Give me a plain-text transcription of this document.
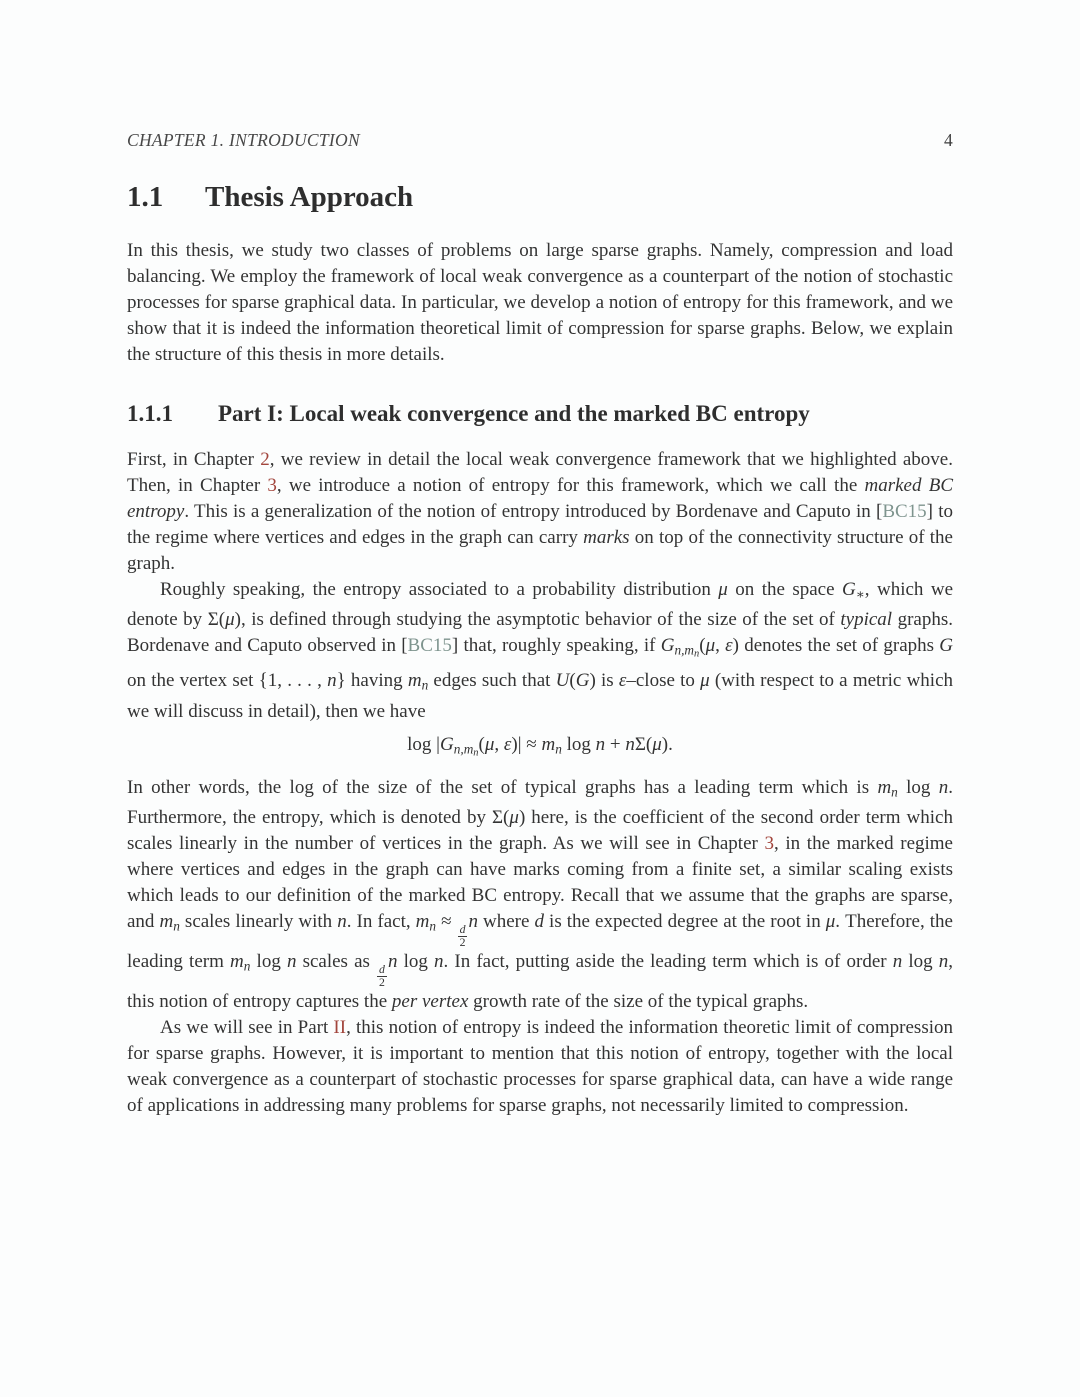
CHAPTER 1. INTRODUCTION	4
1.1	Thesis Approach

In this thesis, we study two classes of problems on large sparse graphs. Namely, compression and load balancing. We employ the framework of local weak convergence as a counterpart of the notion of stochastic processes for sparse graphical data. In particular, we develop a notion of entropy for this framework, and we show that it is indeed the information theoretical limit of compression for sparse graphs. Below, we explain the structure of this thesis in more details.

1.1.1	Part I: Local weak convergence and the marked BC entropy

First, in Chapter 2, we review in detail the local weak convergence framework that we highlighted above. Then, in Chapter 3, we introduce a notion of entropy for this framework, which we call the marked BC entropy. This is a generalization of the notion of entropy introduced by Bordenave and Caputo in [BC15] to the regime where vertices and edges in the graph can carry marks on top of the connectivity structure of the graph.

Roughly speaking, the entropy associated to a probability distribution μ on the space G∗, which we denote by Σ(μ), is defined through studying the asymptotic behavior of the size of the set of typical graphs. Bordenave and Caputo observed in [BC15] that, roughly speaking, if $Gn,m_n(\mu$, ε) denotes the set of graphs G on the vertex set {1, . . . , n} having mn edges such that U(G) is ε–close to μ (with respect to a metric which we will discuss in detail), then we have

$\log |Gn,m_n(\mu$, ε)| ≈ mn log n + nΣ(μ).

In other words, the log of the size of the set of typical graphs has a leading term which is mn log n. Furthermore, the entropy, which is denoted by Σ(μ) here, is the coefficient of the second order term which scales linearly in the number of vertices in the graph. As we will see in Chapter 3, in the marked regime where vertices and edges in the graph can have marks coming from a finite set, a similar scaling exists which leads to our definition of the marked BC entropy. Recall that we assume that the graphs are sparse, and mn scales linearly with n. In fact, mn ≈
$\frac{d}{2}$
n where d is the expected degree at the root in μ. Therefore, the leading term mn log n scales as
$\frac{d}{2}$
n log n. In fact, putting aside the leading term which is of order n log n, this notion of entropy captures the per vertex growth rate of the size of the typical graphs.

As we will see in Part II, this notion of entropy is indeed the information theoretic limit of compression for sparse graphs. However, it is important to mention that this notion of entropy, together with the local weak convergence as a counterpart of stochastic processes for sparse graphical data, can have a wide range of applications in addressing many problems for sparse graphs, not necessarily limited to compression.
